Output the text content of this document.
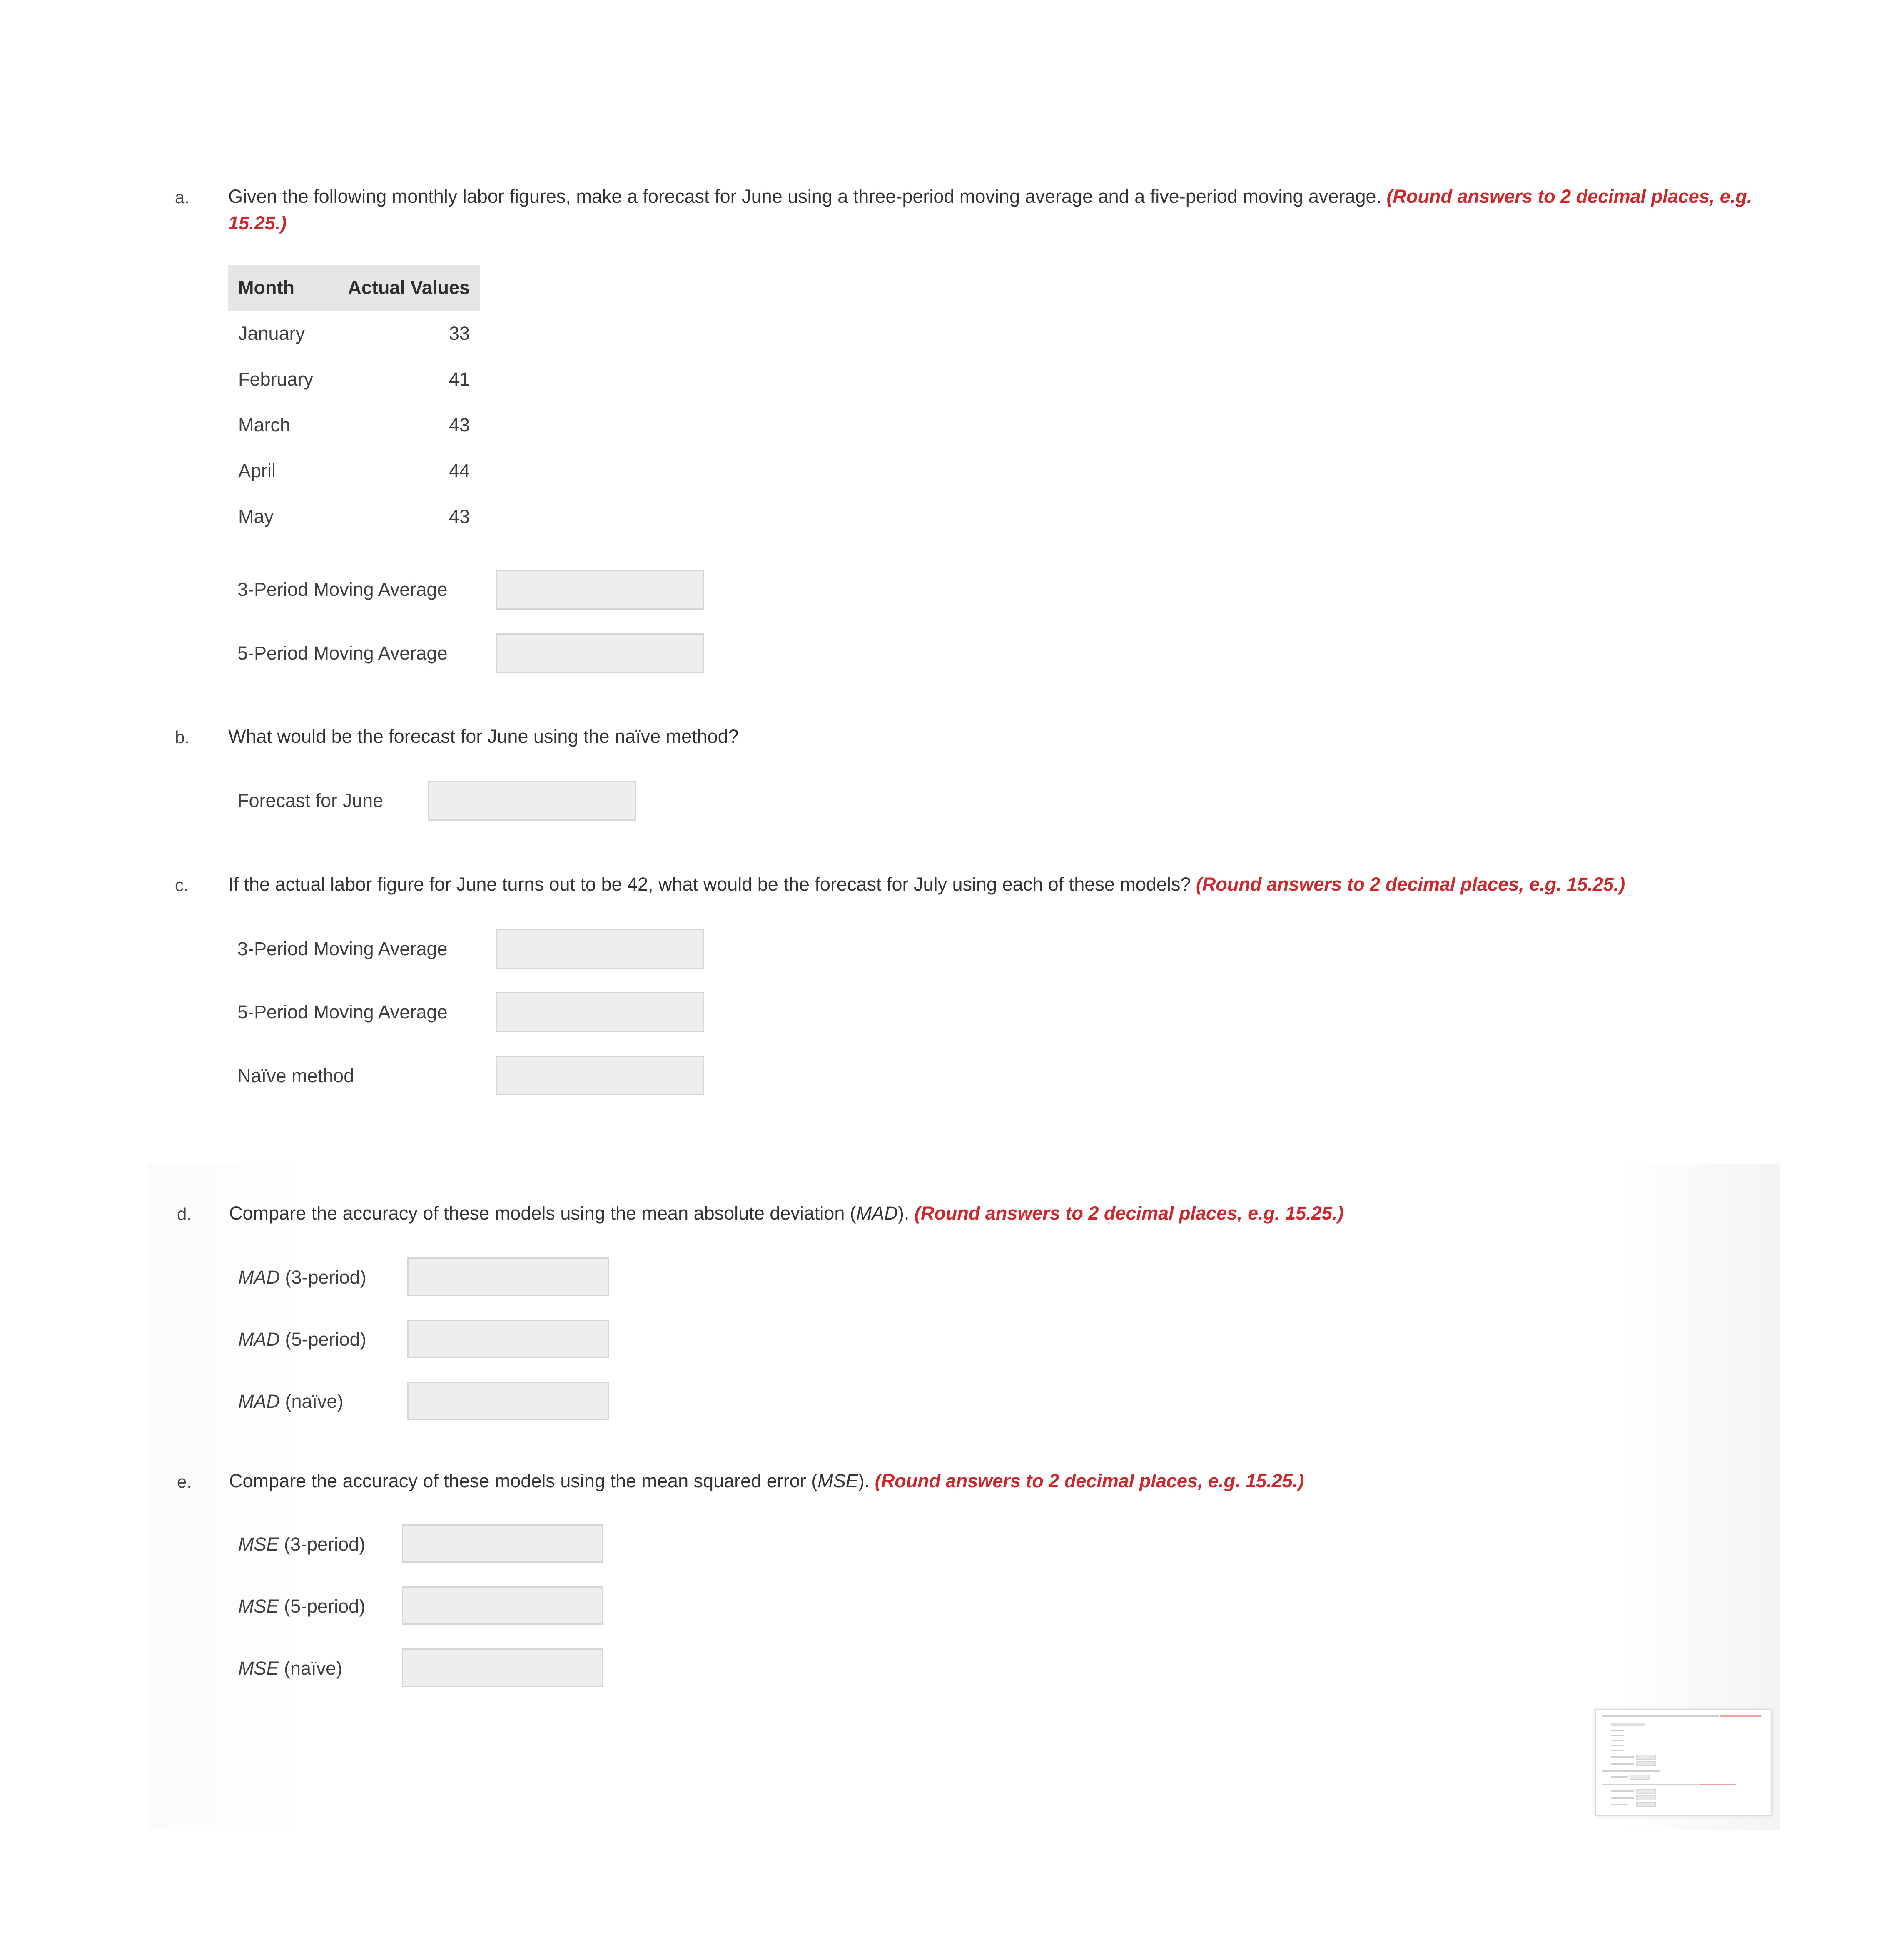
a. Given the following monthly labor figures, make a forecast for June using a three-period moving average and a five-period moving average. (Round answers to 2 decimal places, e.g.
15.25.)
Month	Actual Values
January	33
February	41
March	43
April	44
May	43
3-Period Moving Average
5-Period Moving Average
b. What would be the forecast for June using the naïve method?
Forecast for June
c. If the actual labor figure for June turns out to be 42, what would be the forecast for July using each of these models? (Round answers to 2 decimal places, e.g. 15.25.)
3-Period Moving Average
5-Period Moving Average
Naïve method
d. Compare the accuracy of these models using the mean absolute deviation (MAD). (Round answers to 2 decimal places, e.g. 15.25.)
MAD (3-period)
MAD (5-period)
MAD (naïve)
e. Compare the accuracy of these models using the mean squared error (MSE). (Round answers to 2 decimal places, e.g. 15.25.)
MSE (3-period)
MSE (5-period)
MSE (naïve)
